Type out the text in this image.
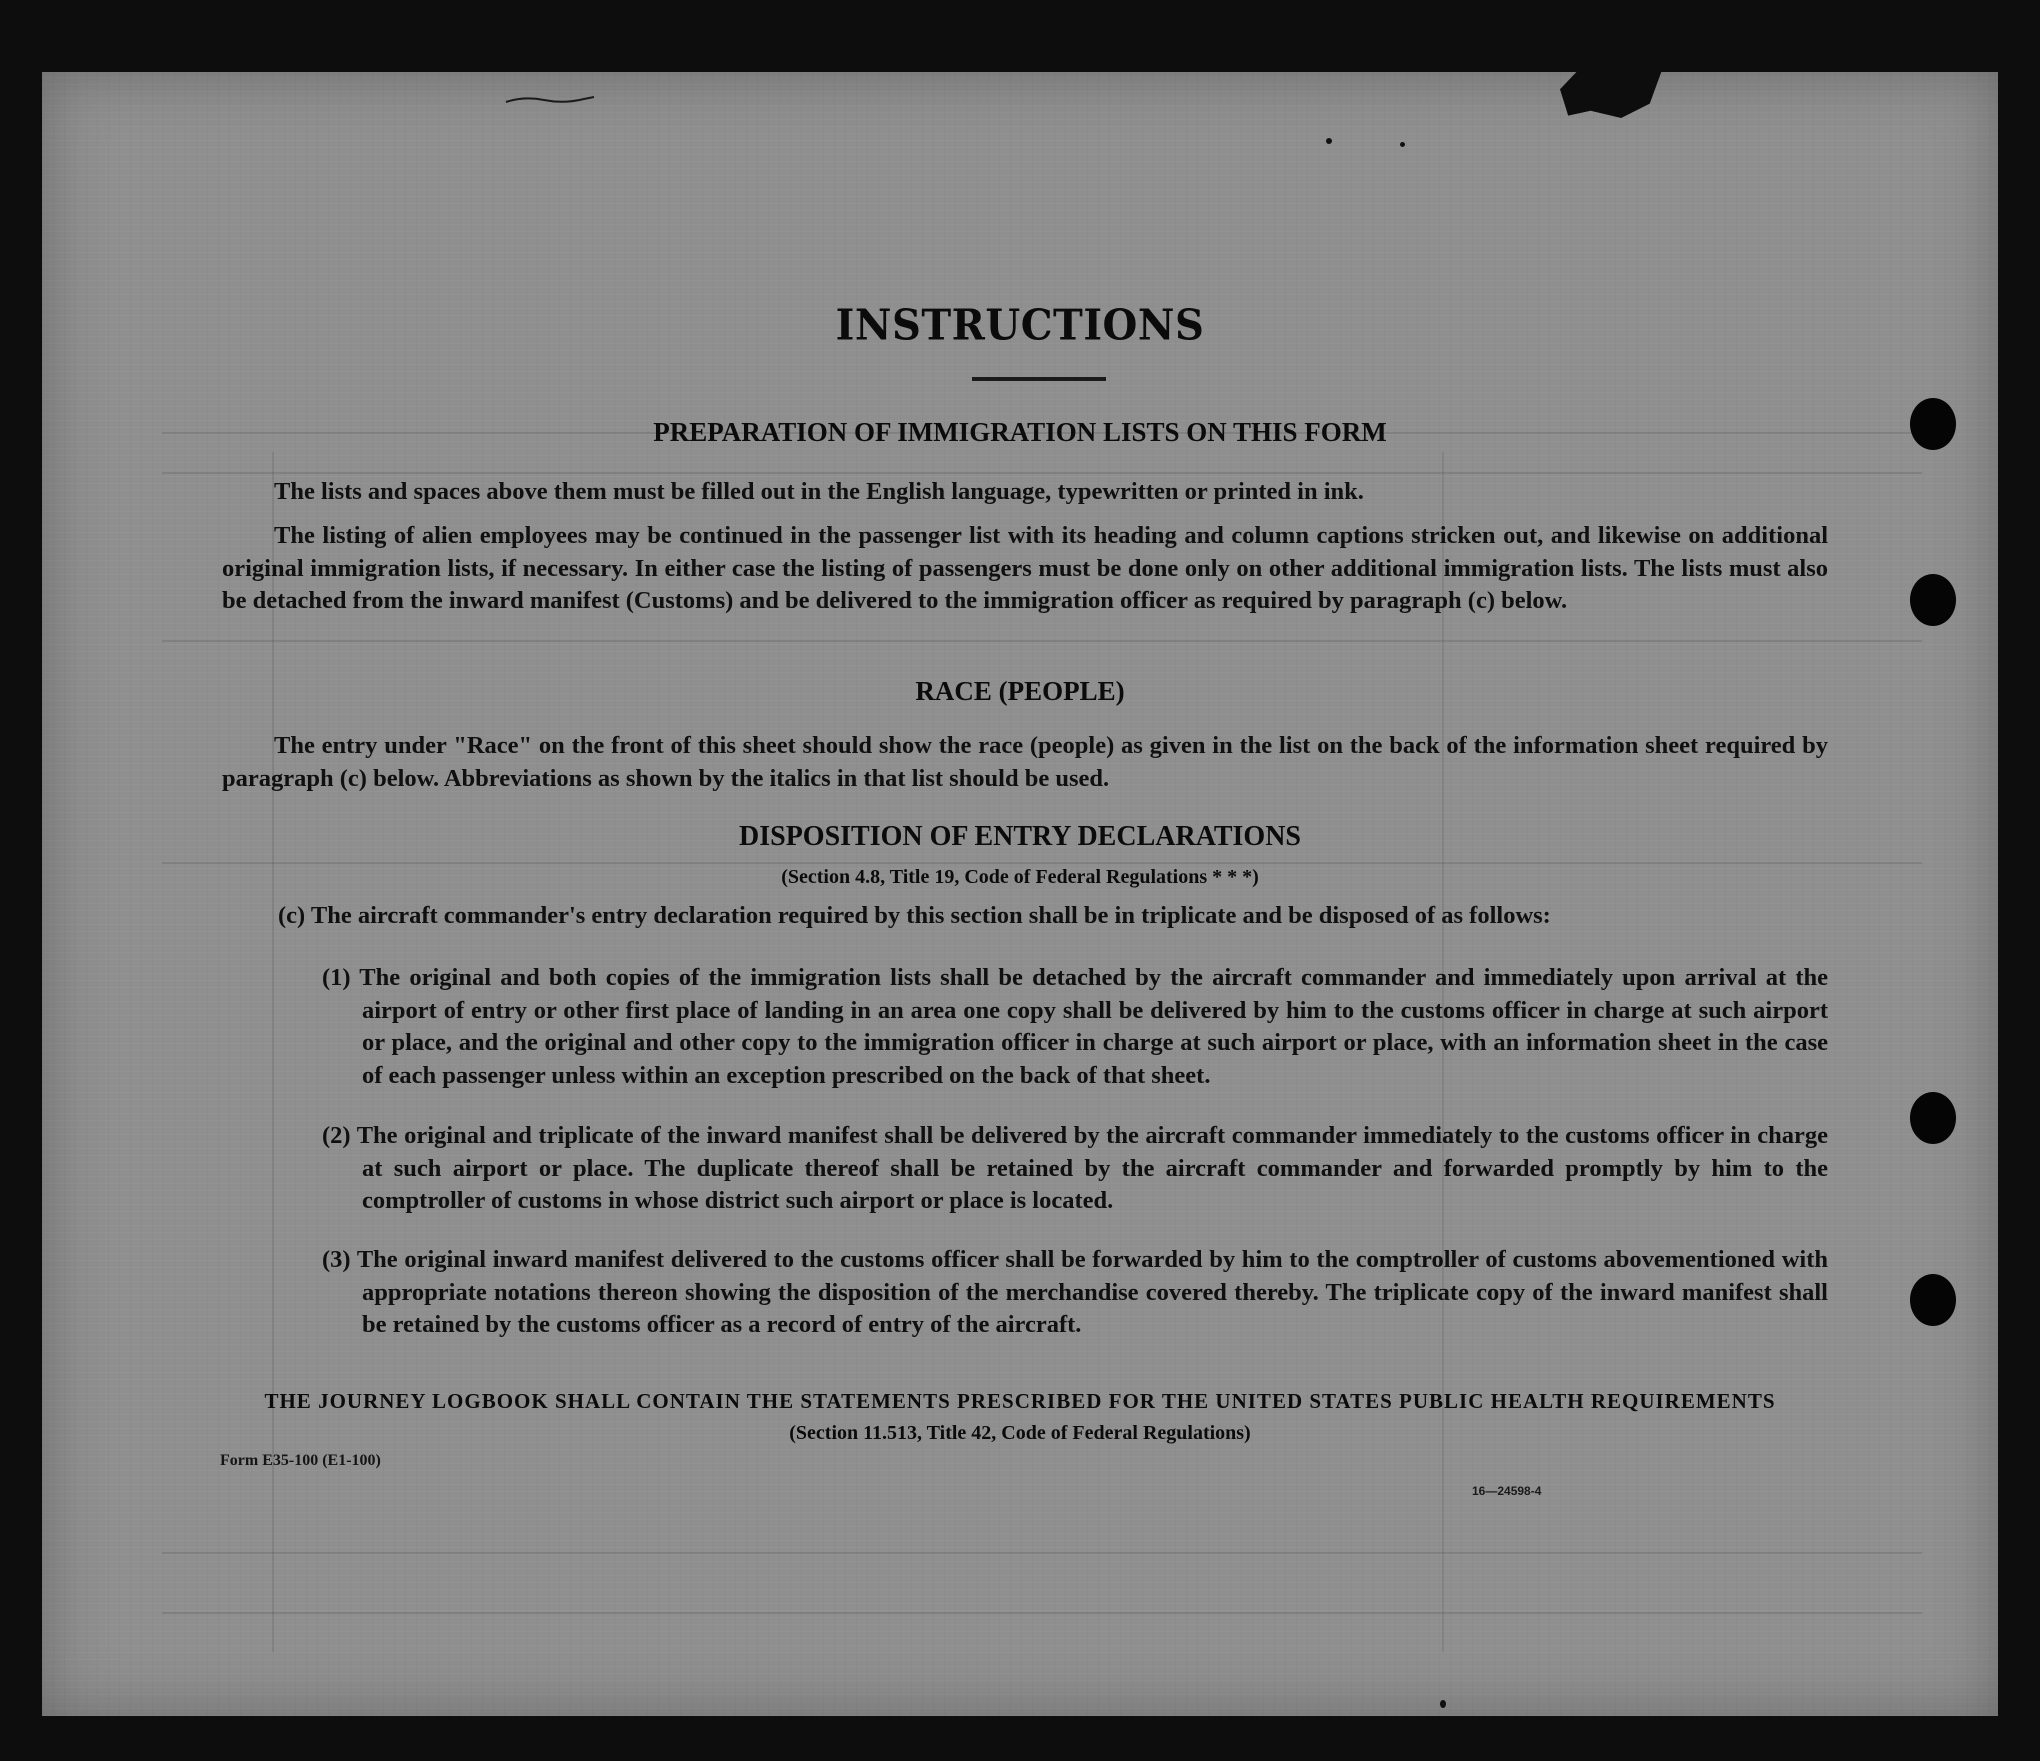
INSTRUCTIONS
PREPARATION OF IMMIGRATION LISTS ON THIS FORM
The lists and spaces above them must be filled out in the English language, typewritten or printed in ink.
The listing of alien employees may be continued in the passenger list with its heading and column captions stricken out, and likewise on additional original immigration lists, if necessary. In either case the listing of passengers must be done only on other additional immigration lists. The lists must also be detached from the inward manifest (Customs) and be delivered to the immigration officer as required by paragraph (c) below.
RACE (PEOPLE)
The entry under "Race" on the front of this sheet should show the race (people) as given in the list on the back of the information sheet required by paragraph (c) below. Abbreviations as shown by the italics in that list should be used.
DISPOSITION OF ENTRY DECLARATIONS
(Section 4.8, Title 19, Code of Federal Regulations * * *)
(c) The aircraft commander's entry declaration required by this section shall be in triplicate and be disposed of as follows:
(1) The original and both copies of the immigration lists shall be detached by the aircraft commander and immediately upon arrival at the airport of entry or other first place of landing in an area one copy shall be delivered by him to the customs officer in charge at such airport or place, and the original and other copy to the immigration officer in charge at such airport or place, with an information sheet in the case of each passenger unless within an exception prescribed on the back of that sheet.
(2) The original and triplicate of the inward manifest shall be delivered by the aircraft commander immediately to the customs officer in charge at such airport or place. The duplicate thereof shall be retained by the aircraft commander and forwarded promptly by him to the comptroller of customs in whose district such airport or place is located.
(3) The original inward manifest delivered to the customs officer shall be forwarded by him to the comptroller of customs abovementioned with appropriate notations thereon showing the disposition of the merchandise covered thereby. The triplicate copy of the inward manifest shall be retained by the customs officer as a record of entry of the aircraft.
THE JOURNEY LOGBOOK SHALL CONTAIN THE STATEMENTS PRESCRIBED FOR THE UNITED STATES PUBLIC HEALTH REQUIREMENTS
(Section 11.513, Title 42, Code of Federal Regulations)
Form E35-100 (E1-100)
16—24598-4
